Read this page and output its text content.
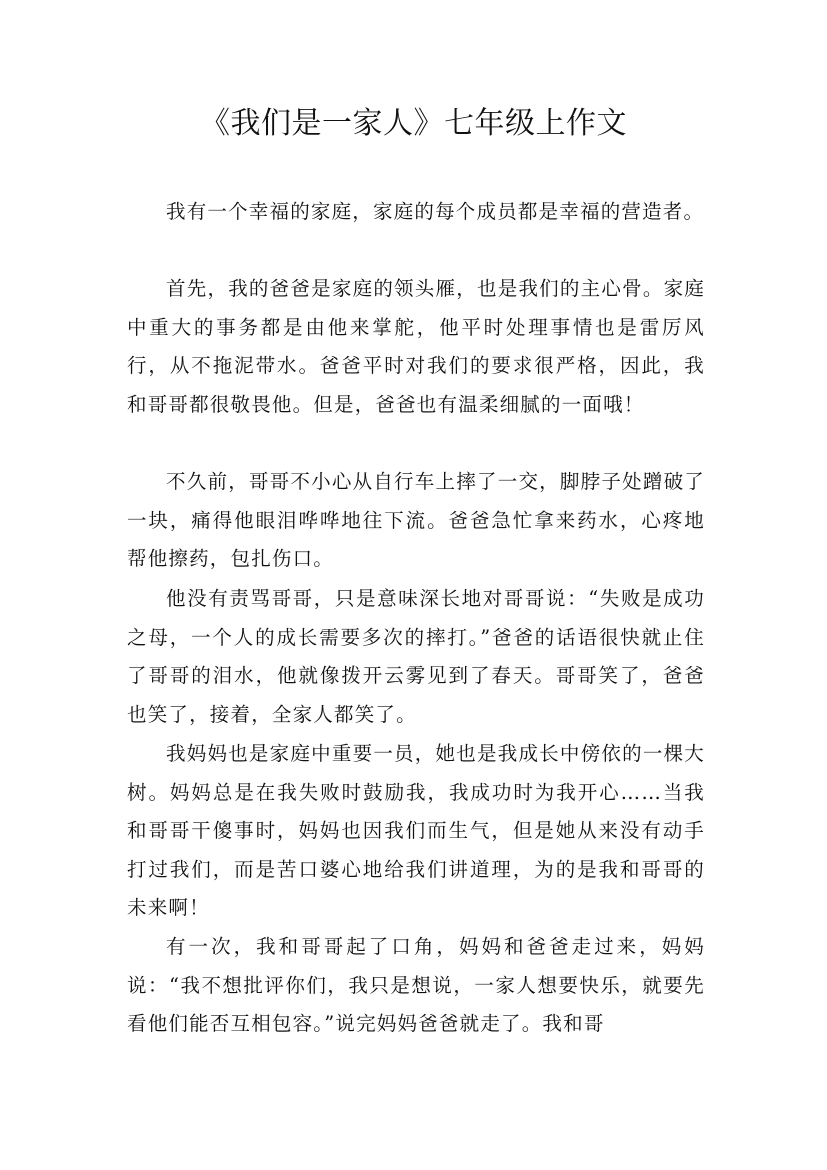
《我们是一家人》七年级上作文

我有一个幸福的家庭，家庭的每个成员都是幸福的营造者。

首先，我的爸爸是家庭的领头雁，也是我们的主心骨。家庭中重大的事务都是由他来掌舵，他平时处理事情也是雷厉风行，从不拖泥带水。爸爸平时对我们的要求很严格，因此，我和哥哥都很敬畏他。但是，爸爸也有温柔细腻的一面哦！

不久前，哥哥不小心从自行车上摔了一交，脚脖子处蹭破了一块，痛得他眼泪哗哗地往下流。爸爸急忙拿来药水，心疼地帮他擦药，包扎伤口。

他没有责骂哥哥，只是意味深长地对哥哥说：“失败是成功之母，一个人的成长需要多次的摔打。”爸爸的话语很快就止住了哥哥的泪水，他就像拨开云雾见到了春天。哥哥笑了，爸爸也笑了，接着，全家人都笑了。

我妈妈也是家庭中重要一员，她也是我成长中傍依的一棵大树。妈妈总是在我失败时鼓励我，我成功时为我开心……当我和哥哥干傻事时，妈妈也因我们而生气，但是她从来没有动手打过我们，而是苦口婆心地给我们讲道理，为的是我和哥哥的未来啊！

有一次，我和哥哥起了口角，妈妈和爸爸走过来，妈妈说：“我不想批评你们，我只是想说，一家人想要快乐，就要先看他们能否互相包容。”说完妈妈爸爸就走了。我和哥
